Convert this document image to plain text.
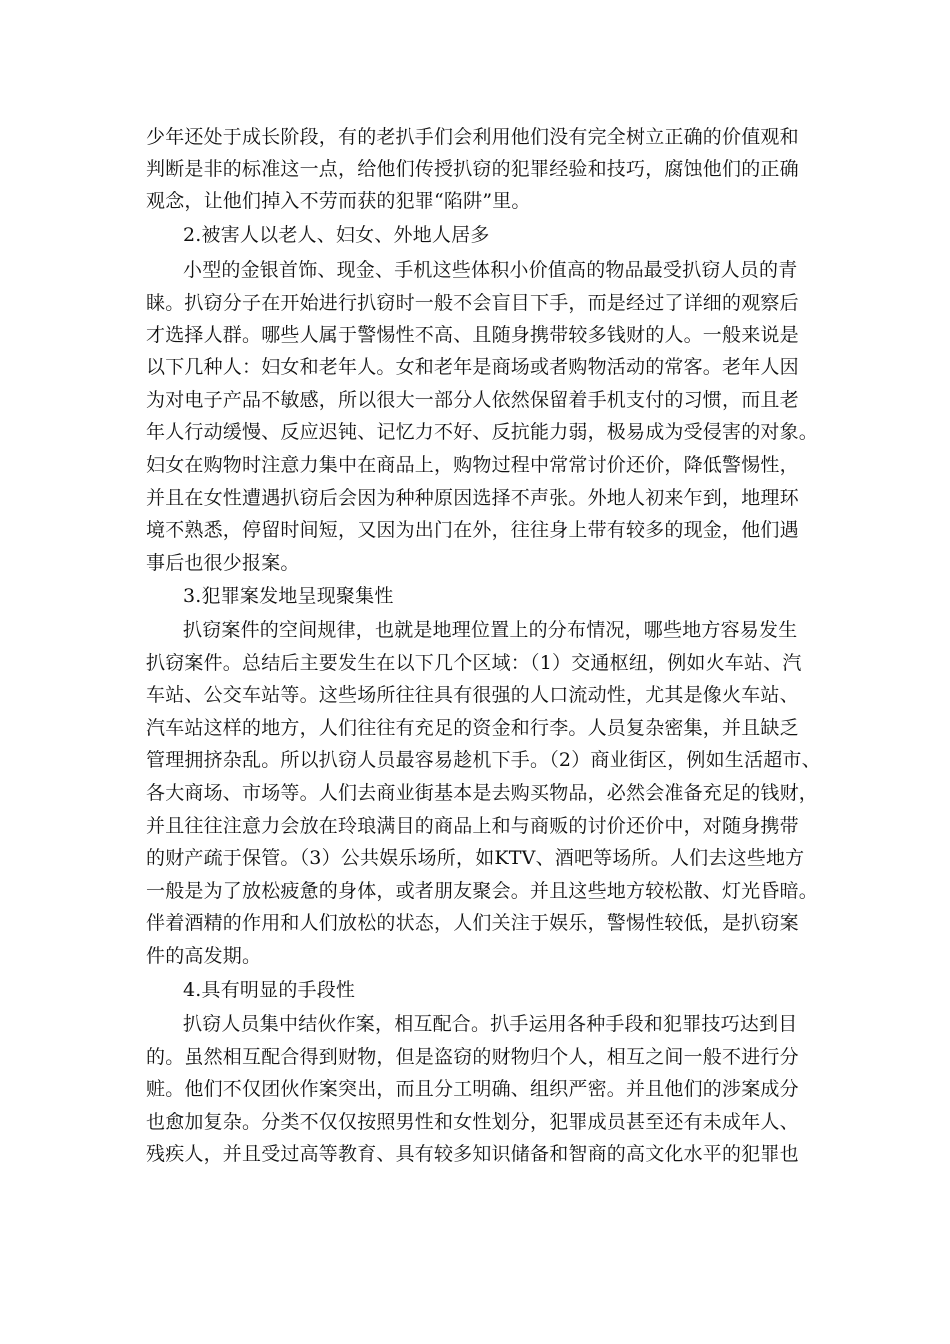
少年还处于成长阶段，有的老扒手们会利用他们没有完全树立正确的价值观和
判断是非的标准这一点，给他们传授扒窃的犯罪经验和技巧，腐蚀他们的正确
观念，让他们掉入不劳而获的犯罪“陷阱”里。
2.被害人以老人、妇女、外地人居多
小型的金银首饰、现金、手机这些体积小价值高的物品最受扒窃人员的青
睐。扒窃分子在开始进行扒窃时一般不会盲目下手，而是经过了详细的观察后
才选择人群。哪些人属于警惕性不高、且随身携带较多钱财的人。一般来说是
以下几种人：妇女和老年人。女和老年是商场或者购物活动的常客。老年人因
为对电子产品不敏感，所以很大一部分人依然保留着手机支付的习惯，而且老
年人行动缓慢、反应迟钝、记忆力不好、反抗能力弱，极易成为受侵害的对象。
妇女在购物时注意力集中在商品上，购物过程中常常讨价还价，降低警惕性，
并且在女性遭遇扒窃后会因为种种原因选择不声张。外地人初来乍到，地理环
境不熟悉，停留时间短，又因为出门在外，往往身上带有较多的现金，他们遇
事后也很少报案。
3.犯罪案发地呈现聚集性
扒窃案件的空间规律，也就是地理位置上的分布情况，哪些地方容易发生
扒窃案件。总结后主要发生在以下几个区域：（1）交通枢纽，例如火车站、汽
车站、公交车站等。这些场所往往具有很强的人口流动性，尤其是像火车站、
汽车站这样的地方，人们往往有充足的资金和行李。人员复杂密集，并且缺乏
管理拥挤杂乱。所以扒窃人员最容易趁机下手。（2）商业街区，例如生活超市、
各大商场、市场等。人们去商业街基本是去购买物品，必然会准备充足的钱财，
并且往往注意力会放在玲琅满目的商品上和与商贩的讨价还价中，对随身携带
的财产疏于保管。（3）公共娱乐场所，如KTV、酒吧等场所。人们去这些地方
一般是为了放松疲惫的身体，或者朋友聚会。并且这些地方较松散、灯光昏暗。
伴着酒精的作用和人们放松的状态，人们关注于娱乐，警惕性较低，是扒窃案
件的高发期。
4.具有明显的手段性
扒窃人员集中结伙作案，相互配合。扒手运用各种手段和犯罪技巧达到目
的。虽然相互配合得到财物，但是盗窃的财物归个人，相互之间一般不进行分
赃。他们不仅团伙作案突出，而且分工明确、组织严密。并且他们的涉案成分
也愈加复杂。分类不仅仅按照男性和女性划分，犯罪成员甚至还有未成年人、
残疾人，并且受过高等教育、具有较多知识储备和智商的高文化水平的犯罪也
